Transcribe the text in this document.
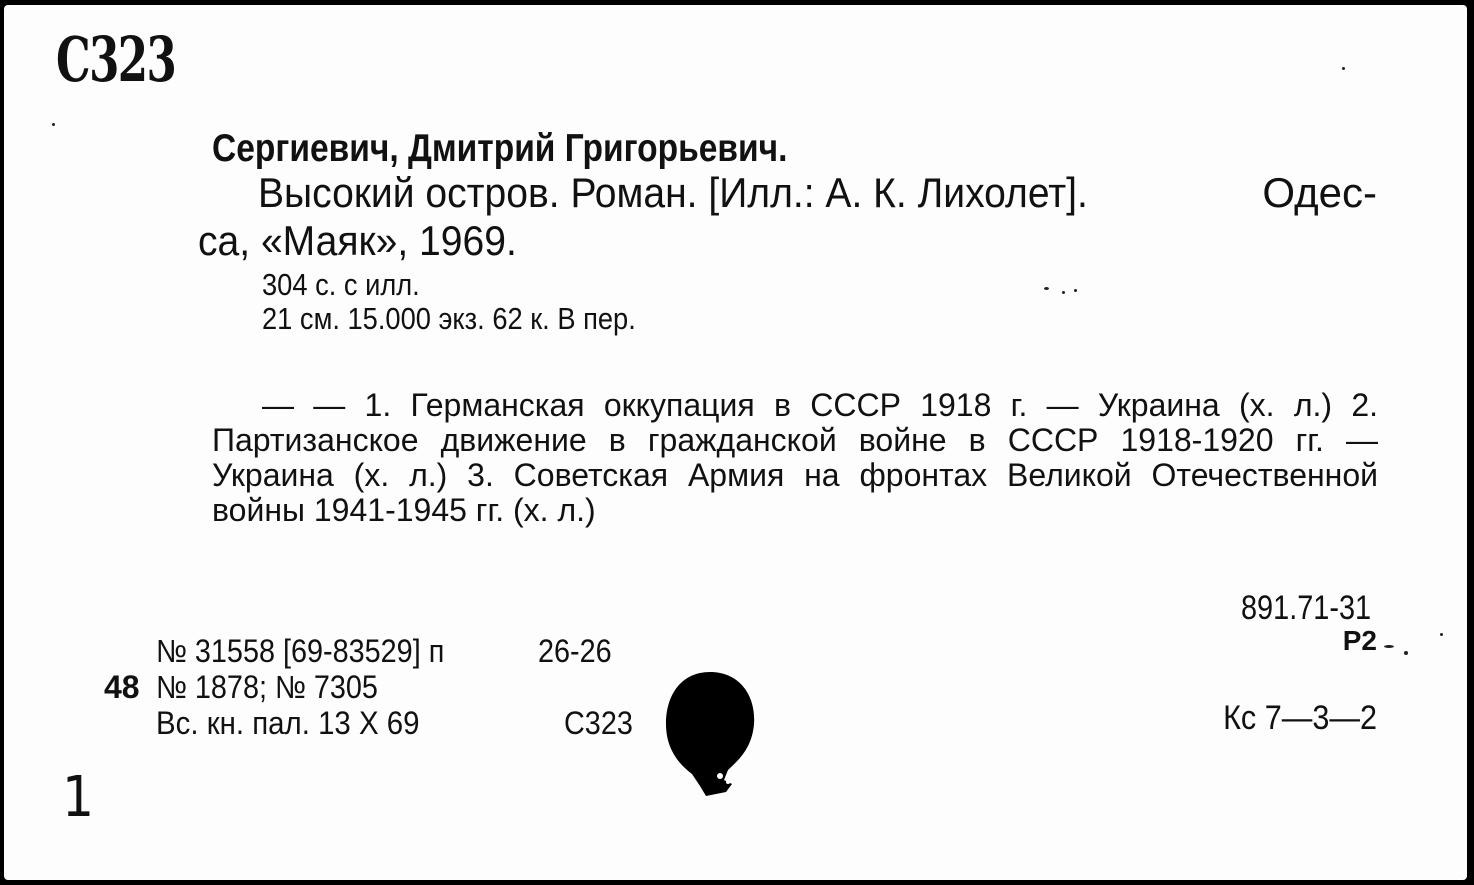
С323
Сергиевич, Дмитрий Григорьевич.
Высокий остров. Роман. [Илл.: А. К. Лихолет].	Одес-
са, «Маяк», 1969.
304 с. с илл.
21 см. 15.000 экз. 62 к. В пер.
— — 1. Германская оккупация в СССР 1918 г. — Украина (х. л.) 2. Партизанское движение в гражданской войне в СССР 1918-1920 гг. — Украина (х. л.) 3. Советская Армия на фронтах Великой Отечественной войны 1941-1945 гг. (х. л.)
891.71-31
Р2
№ 31558 [69-83529] п	26-26
48 № 1878; № 7305
Вс. кн. пал. 13 X 69	С323	Кс 7—3—2
1
